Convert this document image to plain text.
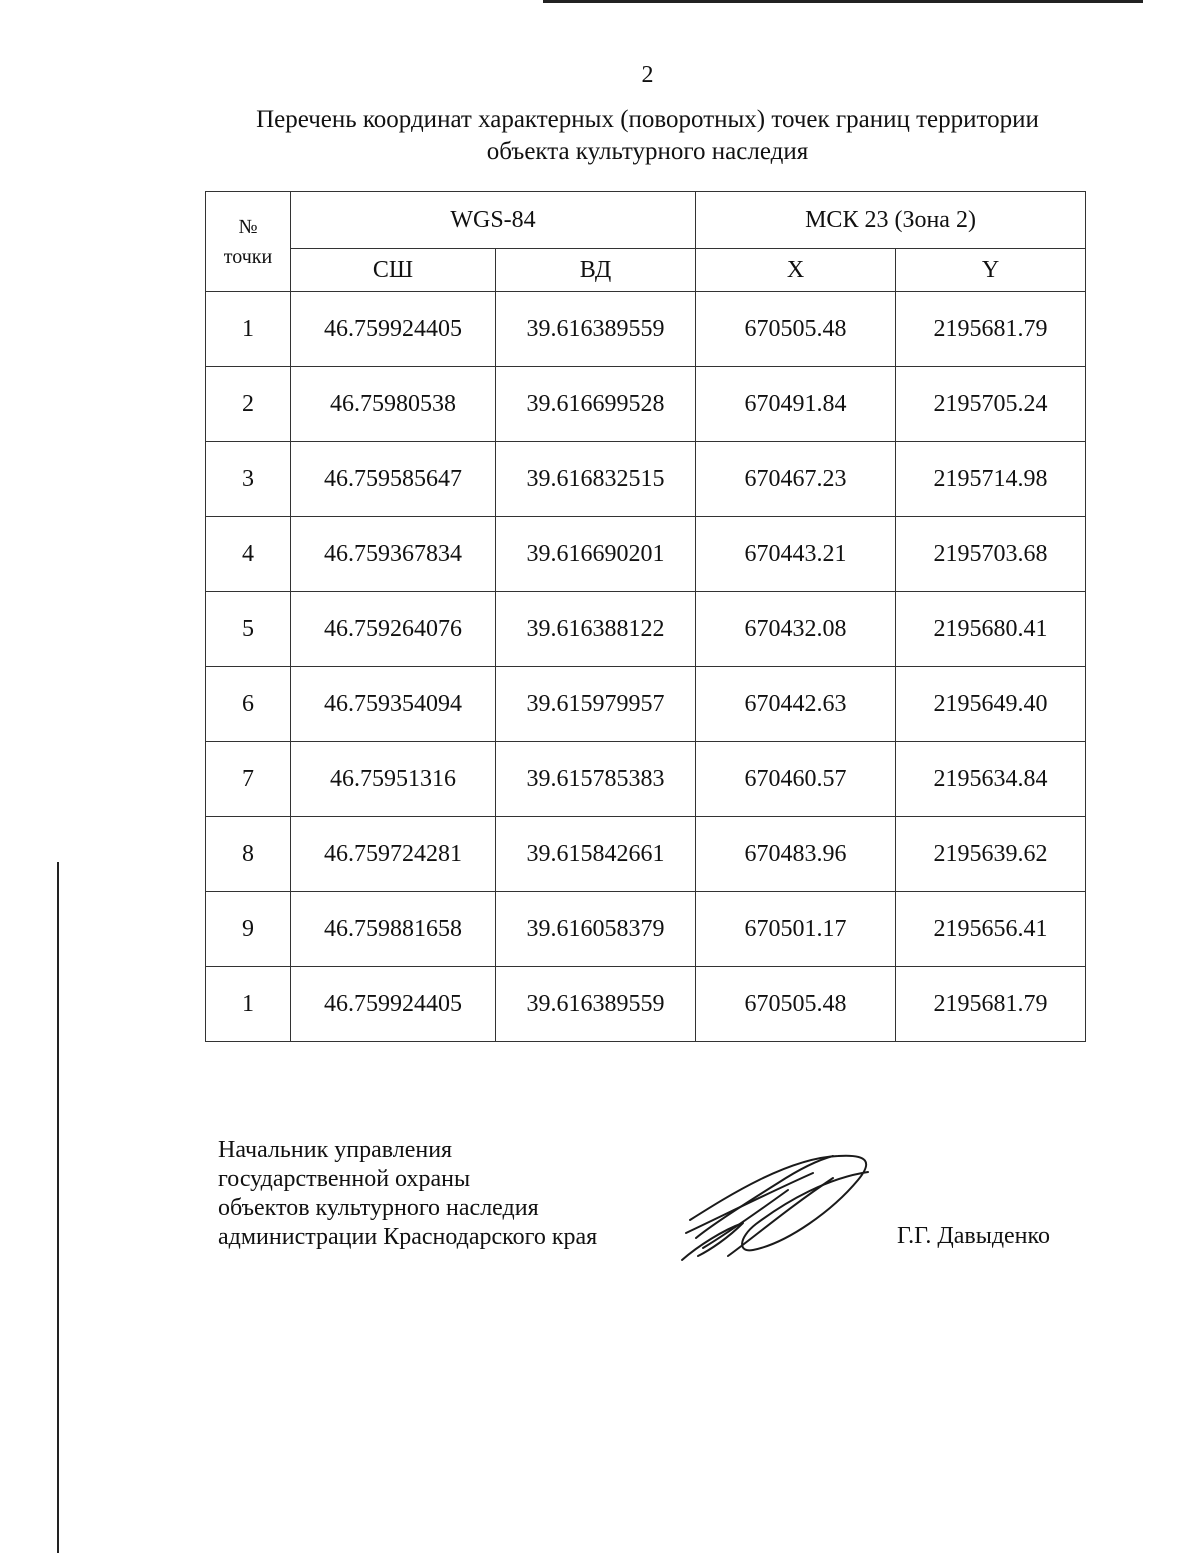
2
Перечень координат характерных (поворотных) точек границ территории
объекта культурного наследия
№
точки	WGS-84		МСК 23 (Зона 2)	
	СШ	ВД	X	Y
1	46.759924405	39.616389559	670505.48	2195681.79
2	46.75980538	39.616699528	670491.84	2195705.24
3	46.759585647	39.616832515	670467.23	2195714.98
4	46.759367834	39.616690201	670443.21	2195703.68
5	46.759264076	39.616388122	670432.08	2195680.41
6	46.759354094	39.615979957	670442.63	2195649.40
7	46.75951316	39.615785383	670460.57	2195634.84
8	46.759724281	39.615842661	670483.96	2195639.62
9	46.759881658	39.616058379	670501.17	2195656.41
1	46.759924405	39.616389559	670505.48	2195681.79
Начальник управления
государственной охраны
объектов культурного наследия
администрации Краснодарского края	Г.Г. Давыденко
